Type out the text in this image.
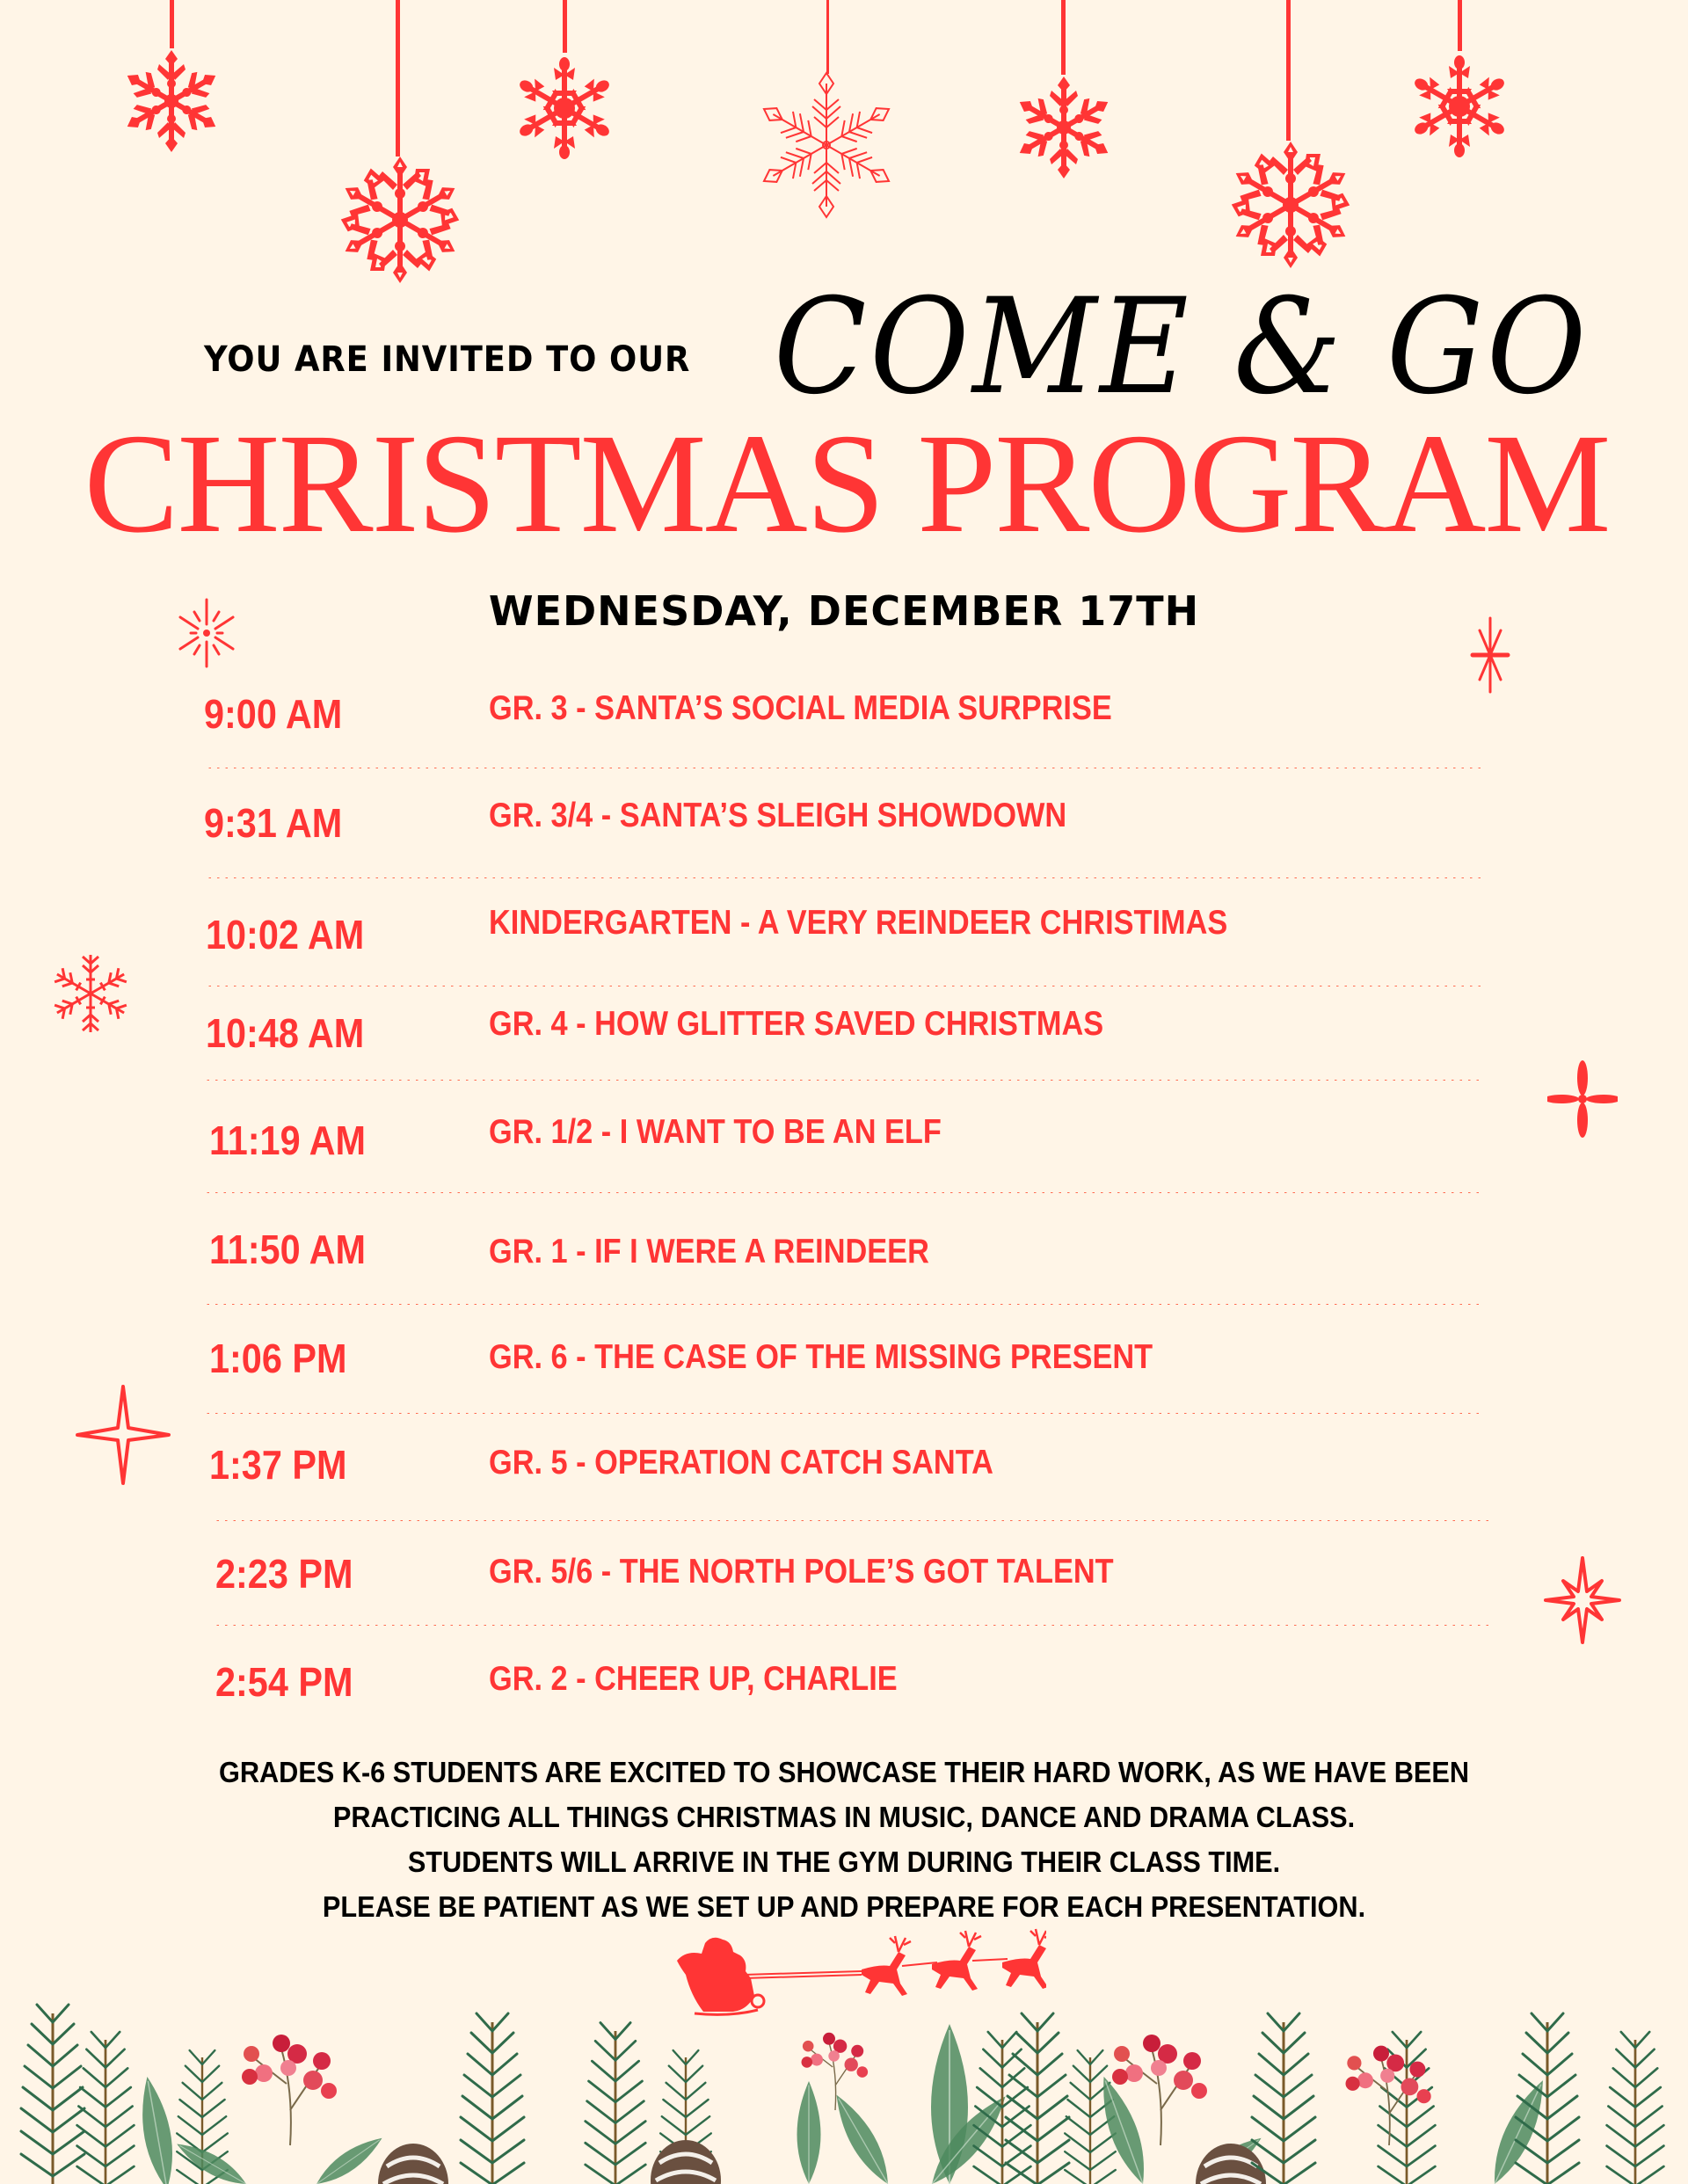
YOU ARE INVITED TO OUR COME & GO
CHRISTMAS PROGRAM
WEDNESDAY, DECEMBER 17TH
9:00 AM	GR. 3 - SANTA’S SOCIAL MEDIA SURPRISE
9:31 AM	GR. 3/4 - SANTA’S SLEIGH SHOWDOWN
10:02 AM	KINDERGARTEN - A VERY REINDEER CHRISTIMAS
10:48 AM	GR. 4 - HOW GLITTER SAVED CHRISTMAS
11:19 AM	GR. 1/2 - I WANT TO BE AN ELF
11:50 AM	GR. 1 - IF I WERE A REINDEER
1:06 PM	GR. 6 - THE CASE OF THE MISSING PRESENT
1:37 PM	GR. 5 - OPERATION CATCH SANTA
2:23 PM	GR. 5/6 - THE NORTH POLE’S GOT TALENT
2:54 PM	GR. 2 - CHEER UP, CHARLIE
GRADES K-6 STUDENTS ARE EXCITED TO SHOWCASE THEIR HARD WORK, AS WE HAVE BEEN
PRACTICING ALL THINGS CHRISTMAS IN MUSIC, DANCE AND DRAMA CLASS.
STUDENTS WILL ARRIVE IN THE GYM DURING THEIR CLASS TIME.
PLEASE BE PATIENT AS WE SET UP AND PREPARE FOR EACH PRESENTATION.
